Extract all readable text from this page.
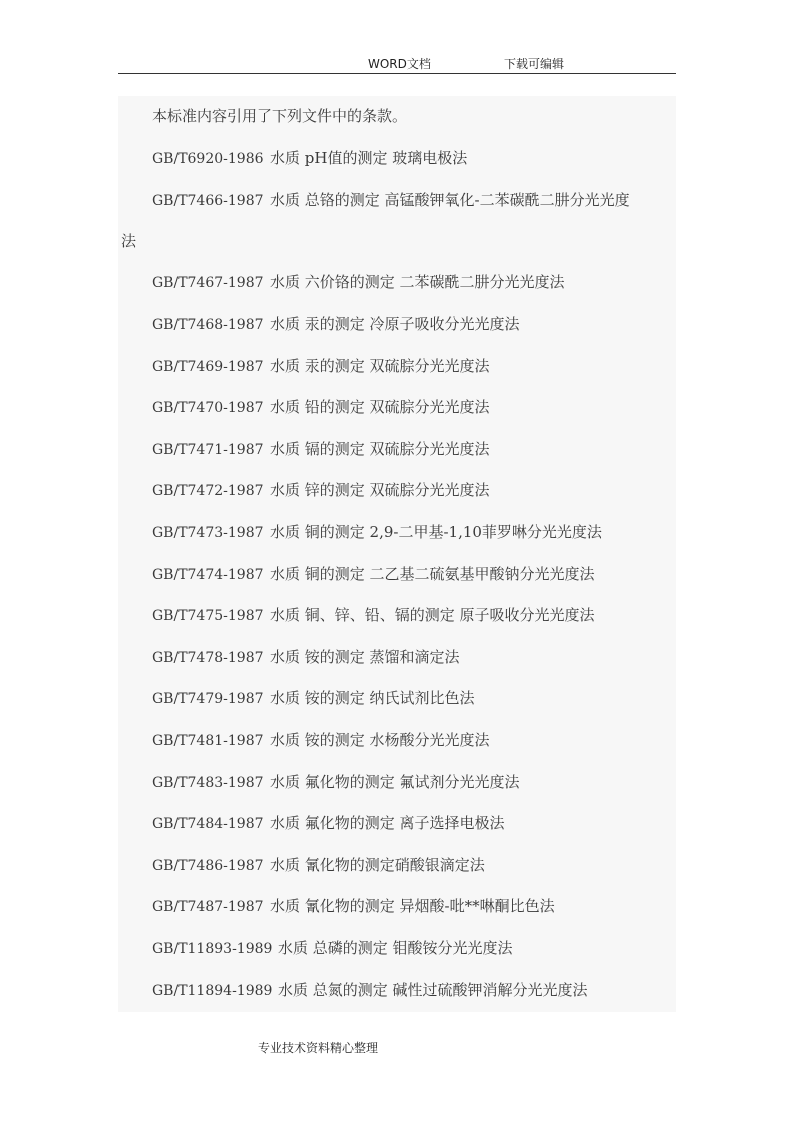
WORD文档	下载可编辑
本标准内容引用了下列文件中的条款。
GB/T6920-1986 水质 pH值的测定 玻璃电极法
GB/T7466-1987 水质 总铬的测定 高锰酸钾氧化-二苯碳酰二肼分光光度
法
GB/T7467-1987 水质 六价铬的测定 二苯碳酰二肼分光光度法
GB/T7468-1987 水质 汞的测定 冷原子吸收分光光度法
GB/T7469-1987 水质 汞的测定 双硫腙分光光度法
GB/T7470-1987 水质 铅的测定 双硫腙分光光度法
GB/T7471-1987 水质 镉的测定 双硫腙分光光度法
GB/T7472-1987 水质 锌的测定 双硫腙分光光度法
GB/T7473-1987 水质 铜的测定 2,9-二甲基-1,10菲罗啉分光光度法
GB/T7474-1987 水质 铜的测定 二乙基二硫氨基甲酸钠分光光度法
GB/T7475-1987 水质 铜、锌、铅、镉的测定 原子吸收分光光度法
GB/T7478-1987 水质 铵的测定 蒸馏和滴定法
GB/T7479-1987 水质 铵的测定 纳氏试剂比色法
GB/T7481-1987 水质 铵的测定 水杨酸分光光度法
GB/T7483-1987 水质 氟化物的测定 氟试剂分光光度法
GB/T7484-1987 水质 氟化物的测定 离子选择电极法
GB/T7486-1987 水质 氰化物的测定硝酸银滴定法
GB/T7487-1987 水质 氰化物的测定 异烟酸-吡**啉酮比色法
GB/T11893-1989 水质 总磷的测定 钼酸铵分光光度法
GB/T11894-1989 水质 总氮的测定 碱性过硫酸钾消解分光光度法
专业技术资料精心整理
